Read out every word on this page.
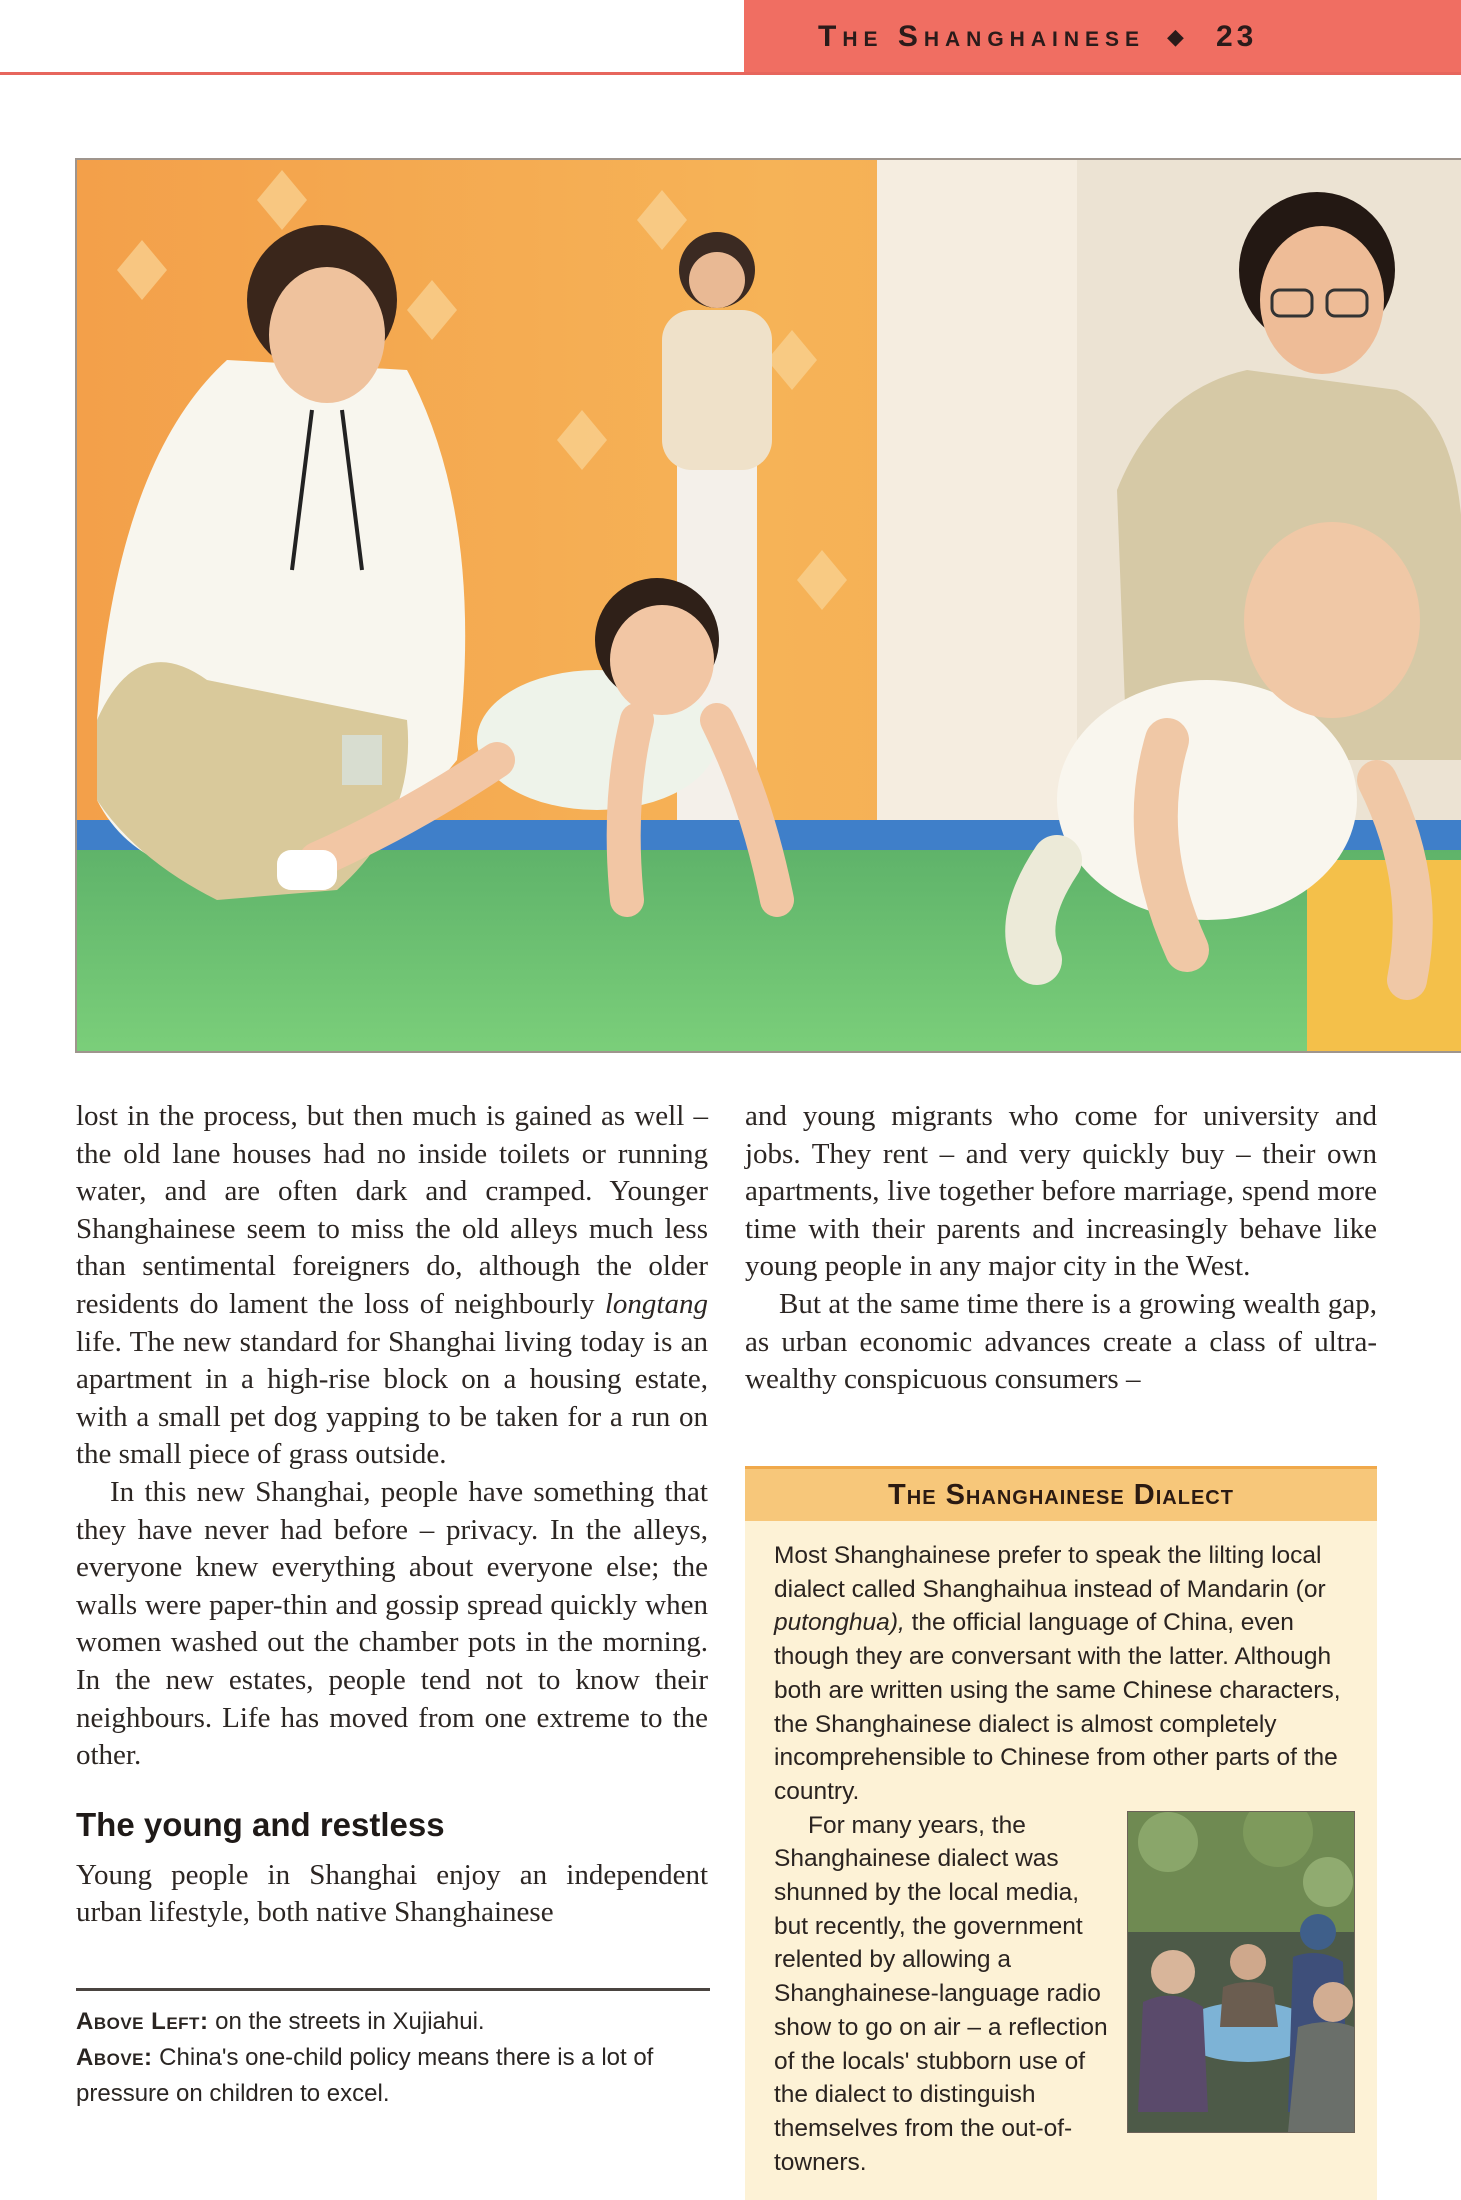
The Shanghainese ◆ 23

lost in the process, but then much is gained as well – the old lane houses had no inside toilets or running water, and are often dark and cramped. Younger Shanghainese seem to miss the old alleys much less than sentimental foreigners do, although the older residents do lament the loss of neighbourly longtang life. The new standard for Shanghai living today is an apartment in a high-rise block on a housing estate, with a small pet dog yapping to be taken for a run on the small piece of grass outside.

In this new Shanghai, people have something that they have never had before – privacy. In the alleys, everyone knew everything about everyone else; the walls were paper-thin and gossip spread quickly when women washed out the chamber pots in the morning. In the new estates, people tend not to know their neighbours. Life has moved from one extreme to the other.

The young and restless

Young people in Shanghai enjoy an independent urban lifestyle, both native Shanghainese

and young migrants who come for university and jobs. They rent – and very quickly buy – their own apartments, live together before marriage, spend more time with their parents and increasingly behave like young people in any major city in the West.

But at the same time there is a growing wealth gap, as urban economic advances create a class of ultra-wealthy conspicuous consumers –

Above Left: on the streets in Xujiahui.

Above: China's one-child policy means there is a lot of pressure on children to excel.

The Shanghainese Dialect

Most Shanghainese prefer to speak the lilting local dialect called Shanghaihua instead of Mandarin (or putonghua), the official language of China, even though they are conversant with the latter. Although both are written using the same Chinese characters, the Shanghainese dialect is almost completely incomprehensible to Chinese from other parts of the country.

For many years, the Shanghainese dialect was shunned by the local media, but recently, the government relented by allowing a Shanghainese-language radio show to go on air – a reflection of the locals' stubborn use of the dialect to distinguish themselves from the out-of-towners.
